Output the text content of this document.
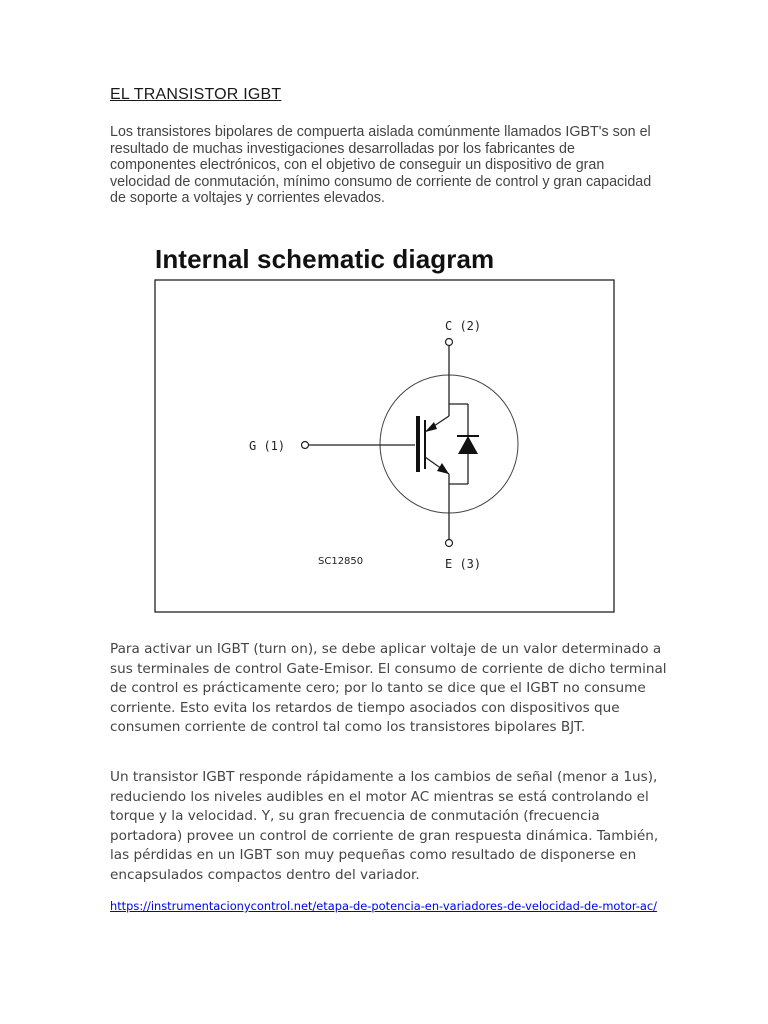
EL TRANSISTOR IGBT

Los transistores bipolares de compuerta aislada comúnmente llamados IGBT's son el resultado de muchas investigaciones desarrolladas por los fabricantes de componentes electrónicos, con el objetivo de conseguir un dispositivo de gran velocidad de conmutación, mínimo consumo de corriente de control y gran capacidad de soporte a voltajes y corrientes elevados.

C (2)
G (1)
E (3)
SC12850
Internal schematic diagram

Para activar un IGBT (turn on), se debe aplicar voltaje de un valor determinado a sus terminales de control Gate-Emisor. El consumo de corriente de dicho terminal de control es prácticamente cero; por lo tanto se dice que el IGBT no consume corriente. Esto evita los retardos de tiempo asociados con dispositivos que consumen corriente de control tal como los transistores bipolares BJT.

Un transistor IGBT responde rápidamente a los cambios de señal (menor a 1us), reduciendo los niveles audibles en el motor AC mientras se está controlando el torque y la velocidad. Y, su gran frecuencia de conmutación (frecuencia portadora) provee un control de corriente de gran respuesta dinámica. También, las pérdidas en un IGBT son muy pequeñas como resultado de disponerse en encapsulados compactos dentro del variador.

https://instrumentacionycontrol.net/etapa-de-potencia-en-variadores-de-velocidad-de-motor-ac/
